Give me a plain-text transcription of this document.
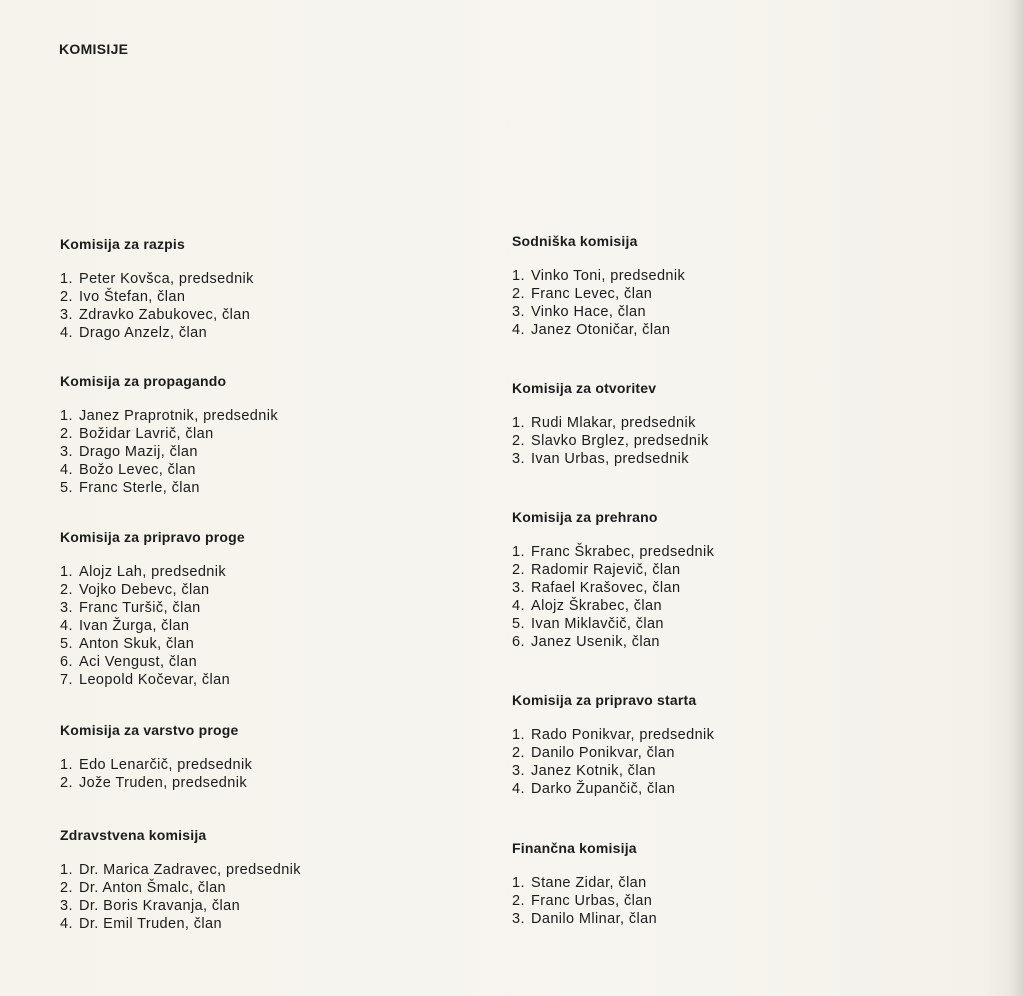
KOMISIJE
Komisija za razpis
1. Peter Kovšca, predsednik
2. Ivo Štefan, član
3. Zdravko Zabukovec, član
4. Drago Anzelz, član
Komisija za propagando
1. Janez Praprotnik, predsednik
2. Božidar Lavrič, član
3. Drago Mazij, član
4. Božo Levec, član
5. Franc Sterle, član
Komisija za pripravo proge
1. Alojz Lah, predsednik
2. Vojko Debevc, član
3. Franc Turšič, član
4. Ivan Žurga, član
5. Anton Skuk, član
6. Aci Vengust, član
7. Leopold Kočevar, član
Komisija za varstvo proge
1. Edo Lenarčič, predsednik
2. Jože Truden, predsednik
Zdravstvena komisija
1. Dr. Marica Zadravec, predsednik
2. Dr. Anton Šmalc, član
3. Dr. Boris Kravanja, član
4. Dr. Emil Truden, član
Sodniška komisija
1. Vinko Toni, predsednik
2. Franc Levec, član
3. Vinko Hace, član
4. Janez Otoničar, član
Komisija za otvoritev
1. Rudi Mlakar, predsednik
2. Slavko Brglez, predsednik
3. Ivan Urbas, predsednik
Komisija za prehrano
1. Franc Škrabec, predsednik
2. Radomir Rajevič, član
3. Rafael Krašovec, član
4. Alojz Škrabec, član
5. Ivan Miklavčič, član
6. Janez Usenik, član
Komisija za pripravo starta
1. Rado Ponikvar, predsednik
2. Danilo Ponikvar, član
3. Janez Kotnik, član
4. Darko Župančič, član
Finančna komisija
1. Stane Zidar, član
2. Franc Urbas, član
3. Danilo Mlinar, član
